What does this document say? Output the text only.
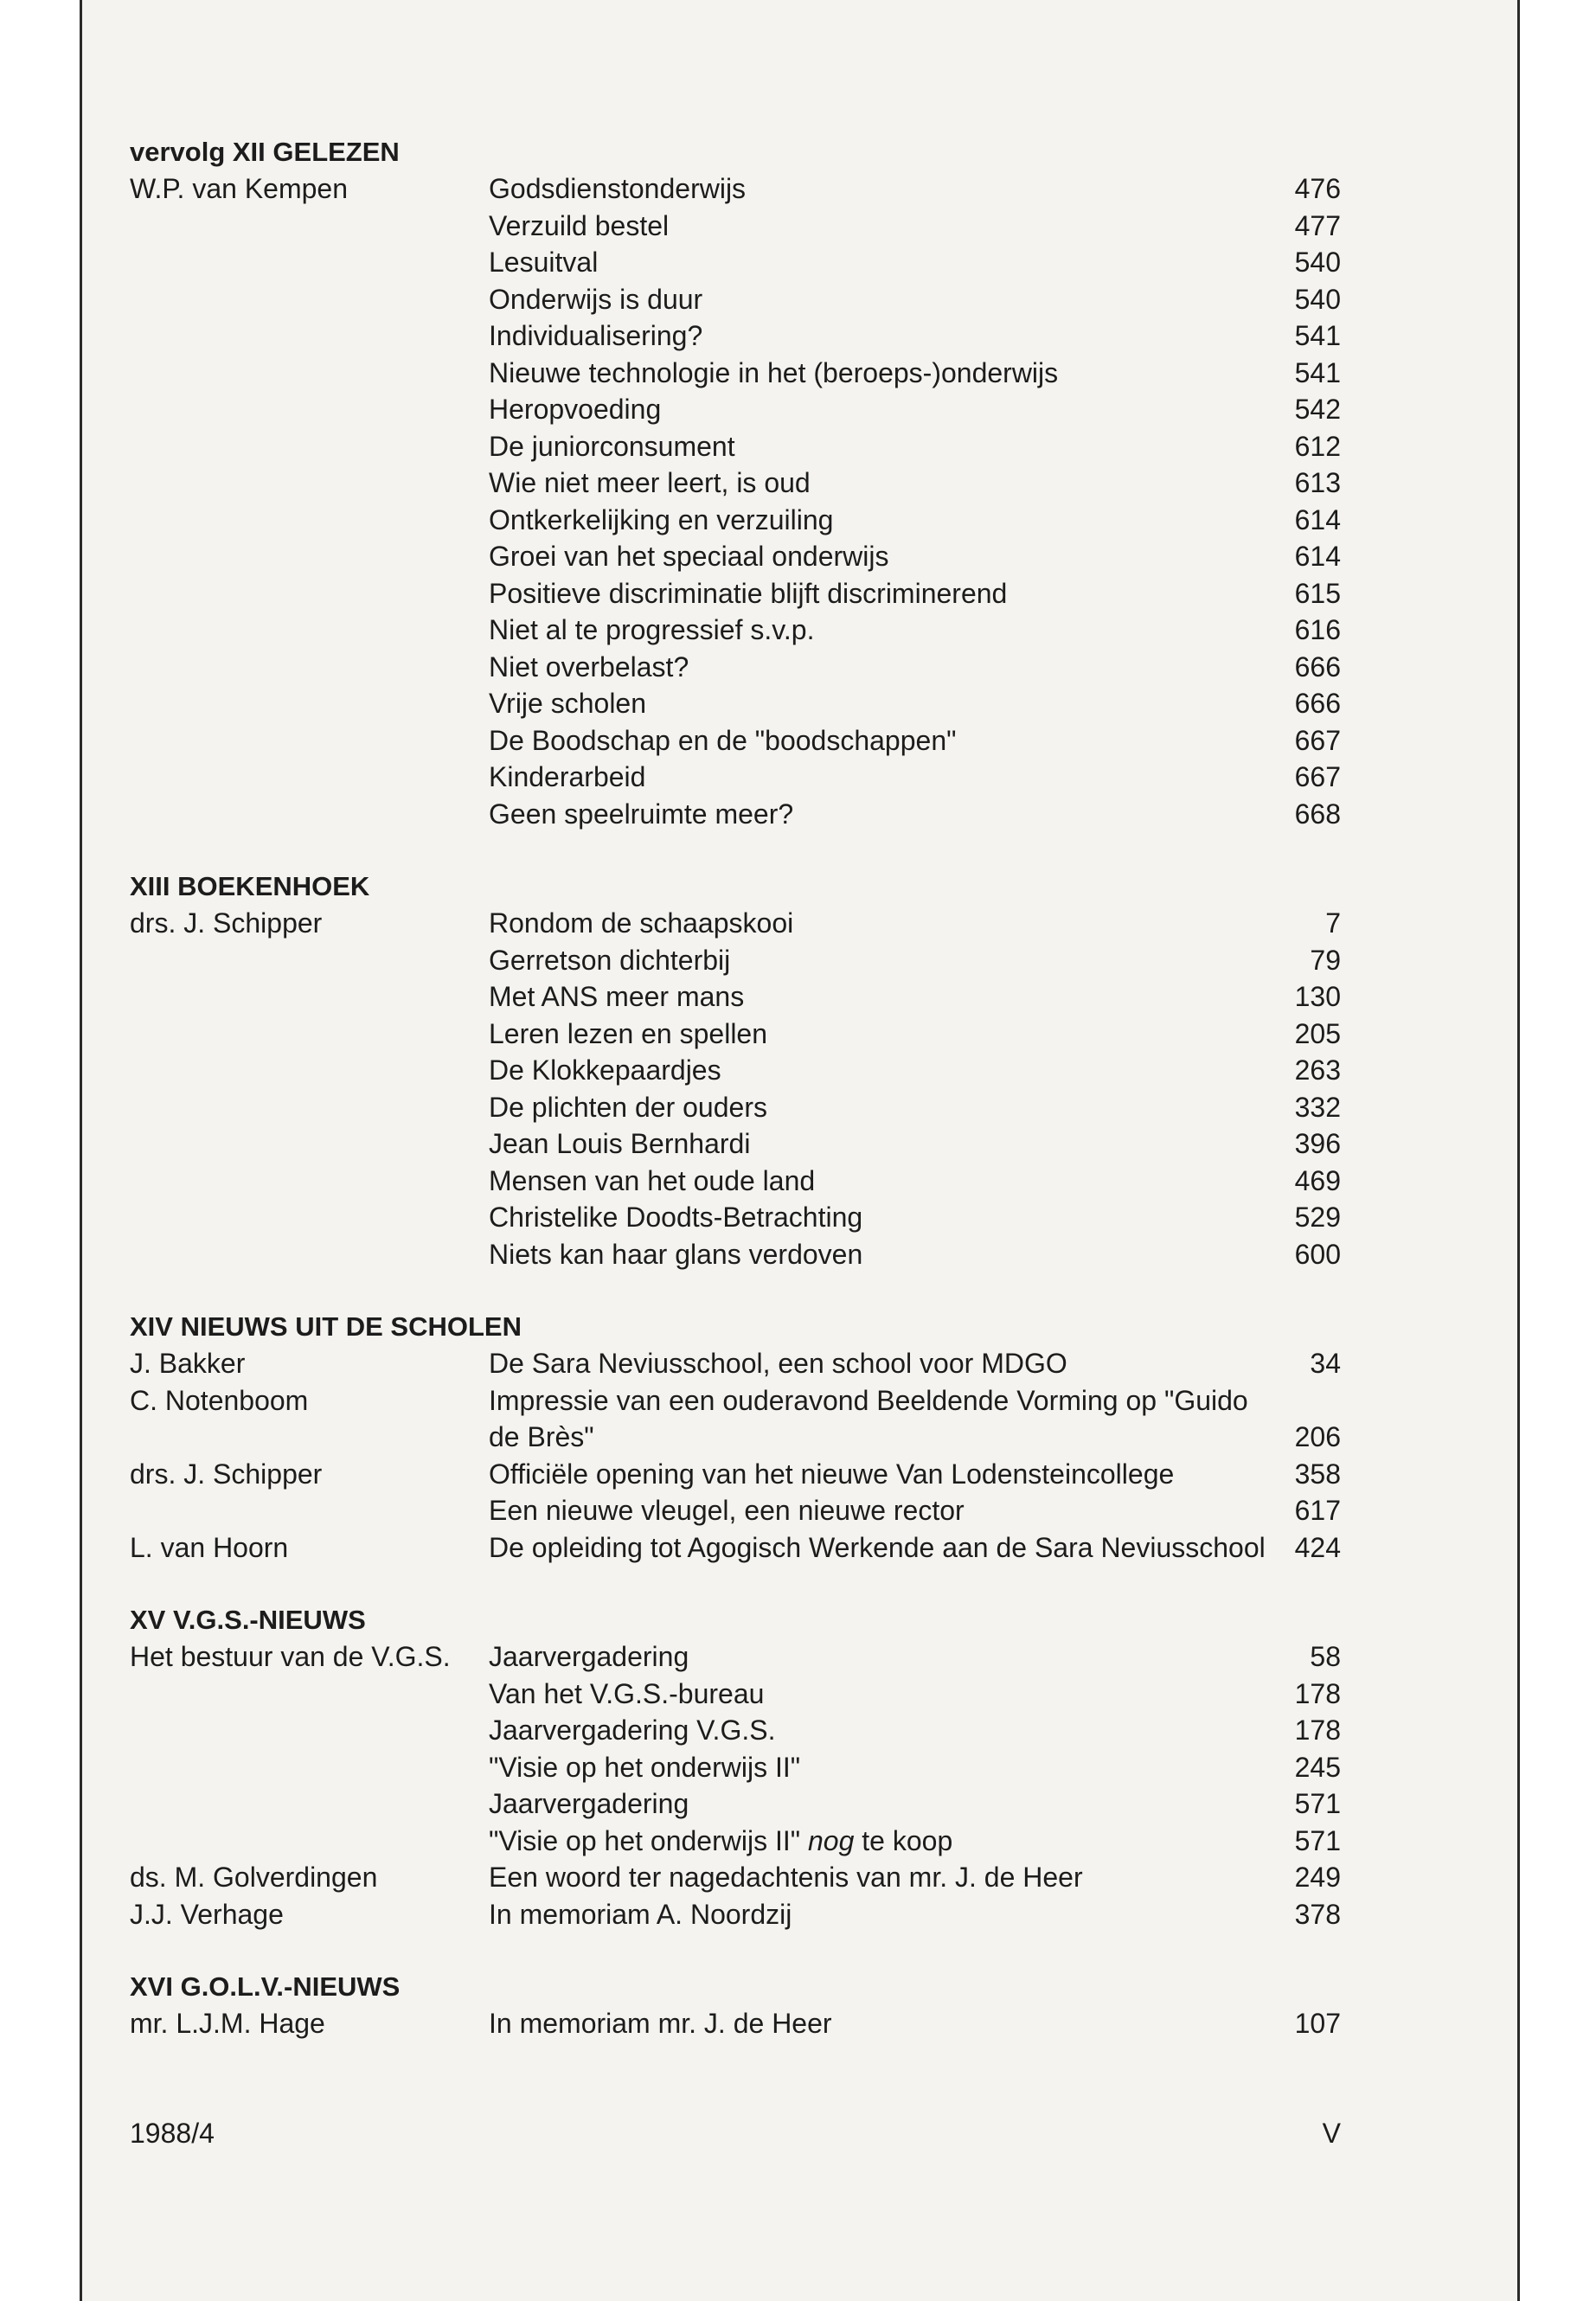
vervolg XII GELEZEN
W.P. van Kempen	Godsdienstonderwijs	476
Verzuild bestel	477
Lesuitval	540
Onderwijs is duur	540
Individualisering?	541
Nieuwe technologie in het (beroeps-)onderwijs	541
Heropvoeding	542
De juniorconsument	612
Wie niet meer leert, is oud	613
Ontkerkelijking en verzuiling	614
Groei van het speciaal onderwijs	614
Positieve discriminatie blijft discriminerend	615
Niet al te progressief s.v.p.	616
Niet overbelast?	666
Vrije scholen	666
De Boodschap en de "boodschappen"	667
Kinderarbeid	667
Geen speelruimte meer?	668
XIII BOEKENHOEK
drs. J. Schipper	Rondom de schaapskooi	7
Gerretson dichterbij	79
Met ANS meer mans	130
Leren lezen en spellen	205
De Klokkepaardjes	263
De plichten der ouders	332
Jean Louis Bernhardi	396
Mensen van het oude land	469
Christelike Doodts-Betrachting	529
Niets kan haar glans verdoven	600
XIV NIEUWS UIT DE SCHOLEN
J. Bakker	De Sara Neviusschool, een school voor MDGO	34
C. Notenboom	Impressie van een ouderavond Beeldende Vorming op "Guido de Brès"	206
drs. J. Schipper	Officiële opening van het nieuwe Van Lodensteincollege	358
Een nieuwe vleugel, een nieuwe rector	617
L. van Hoorn	De opleiding tot Agogisch Werkende aan de Sara Neviusschool	424
XV V.G.S.-NIEUWS
Het bestuur van de V.G.S.	Jaarvergadering	58
Van het V.G.S.-bureau	178
Jaarvergadering V.G.S.	178
"Visie op het onderwijs II"	245
Jaarvergadering	571
"Visie op het onderwijs II" nog te koop	571
ds. M. Golverdingen	Een woord ter nagedachtenis van mr. J. de Heer	249
J.J. Verhage	In memoriam A. Noordzij	378
XVI G.O.L.V.-NIEUWS
mr. L.J.M. Hage	In memoriam mr. J. de Heer	107
1988/4	V
